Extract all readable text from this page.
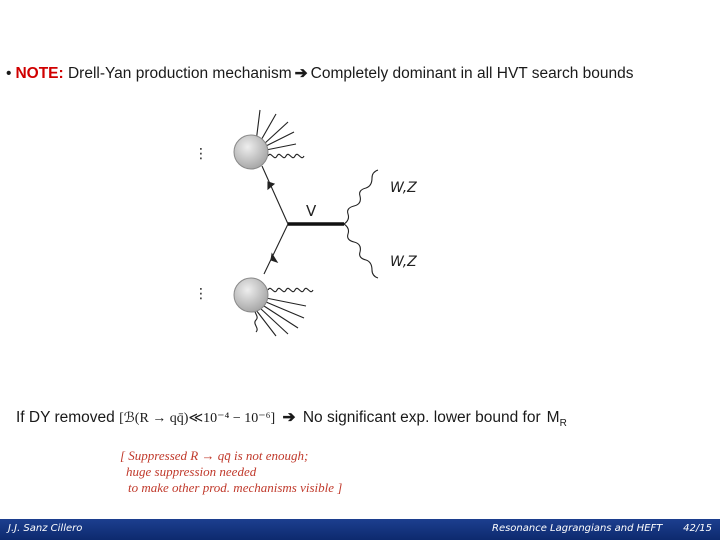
• NOTE: Drell-Yan production mechanism ➔ Completely dominant in all HVT search bounds
⋮
V
W,Z
W,Z
⋮
If DY removed [ℬ(R → qq̄)≪10⁻⁴ − 10⁻⁶] ➔ No significant exp. lower bound for $M_R$
[ Suppressed R → qq̄ is not enough;
huge suppression needed
to make other prod. mechanisms visible ]
J.J. Sanz Cillero	Resonance Lagrangians and HEFT 42/15
